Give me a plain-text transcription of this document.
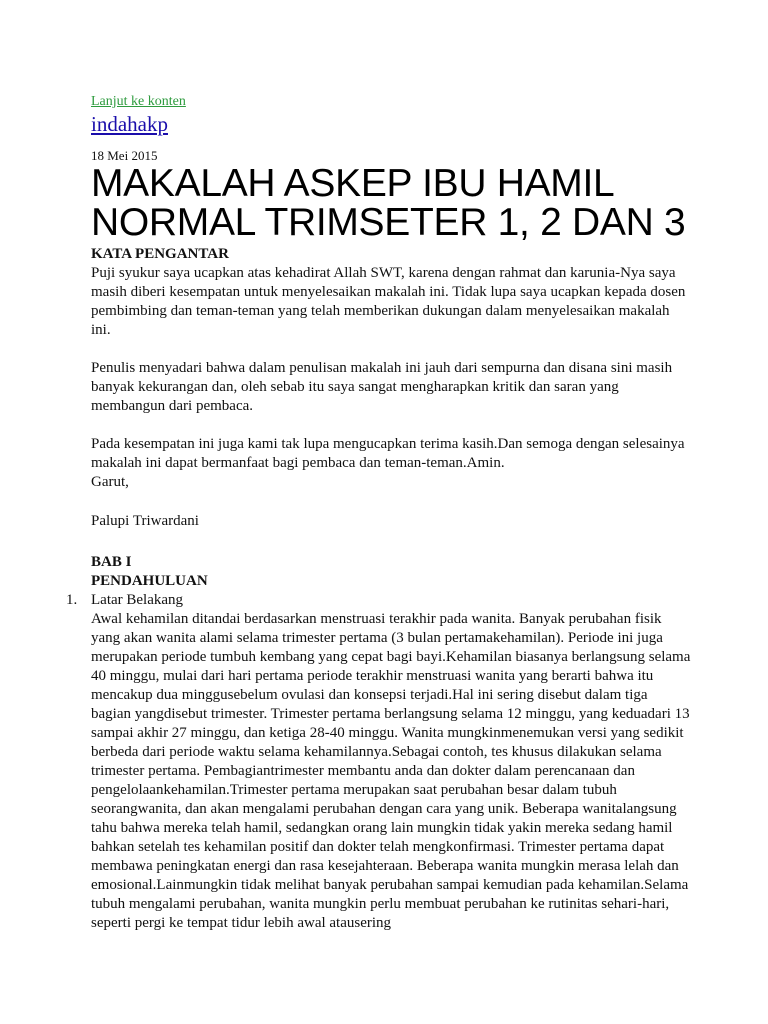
Lanjut ke konten
indahakp
18 Mei 2015
MAKALAH ASKEP IBU HAMIL NORMAL TRIMSETER 1, 2 DAN 3

KATA PENGANTAR

Puji syukur saya ucapkan atas kehadirat Allah SWT, karena dengan rahmat dan karunia-Nya saya masih diberi kesempatan untuk menyelesaikan makalah ini. Tidak lupa saya ucapkan kepada dosen pembimbing dan teman-teman yang telah memberikan dukungan dalam menyelesaikan makalah ini.

Penulis menyadari bahwa dalam penulisan makalah ini jauh dari sempurna dan disana sini masih banyak kekurangan dan, oleh sebab itu saya sangat mengharapkan kritik dan saran yang membangun dari pembaca.

Pada kesempatan ini juga kami tak lupa mengucapkan terima kasih.Dan semoga dengan selesainya makalah ini dapat bermanfaat bagi pembaca dan teman-teman.Amin.

Garut,

Palupi Triwardani

BAB I

PENDAHULUAN

1. Latar Belakang

Awal kehamilan ditandai berdasarkan menstruasi terakhir pada wanita. Banyak perubahan fisik yang akan wanita alami selama trimester pertama (3 bulan pertamakehamilan). Periode ini juga merupakan periode tumbuh kembang yang cepat bagi bayi.Kehamilan biasanya berlangsung selama 40 minggu, mulai dari hari pertama periode terakhir menstruasi wanita yang berarti bahwa itu mencakup dua minggusebelum ovulasi dan konsepsi terjadi.Hal ini sering disebut dalam tiga bagian yangdisebut trimester. Trimester pertama berlangsung selama 12 minggu, yang keduadari 13 sampai akhir 27 minggu, dan ketiga 28-40 minggu. Wanita mungkinmenemukan versi yang sedikit berbeda dari periode waktu selama kehamilannya.Sebagai contoh, tes khusus dilakukan selama trimester pertama. Pembagiantrimester membantu anda dan dokter dalam perencanaan dan pengelolaankehamilan.Trimester pertama merupakan saat perubahan besar dalam tubuh seorangwanita, dan akan mengalami perubahan dengan cara yang unik. Beberapa wanitalangsung tahu bahwa mereka telah hamil, sedangkan orang lain mungkin tidak yakin mereka sedang hamil bahkan setelah tes kehamilan positif dan dokter telah mengkonfirmasi. Trimester pertama dapat membawa peningkatan energi dan rasa kesejahteraan. Beberapa wanita mungkin merasa lelah dan emosional.Lainmungkin tidak melihat banyak perubahan sampai kemudian pada kehamilan.Selama tubuh mengalami perubahan, wanita mungkin perlu membuat perubahan ke rutinitas sehari-hari, seperti pergi ke tempat tidur lebih awal atausering
